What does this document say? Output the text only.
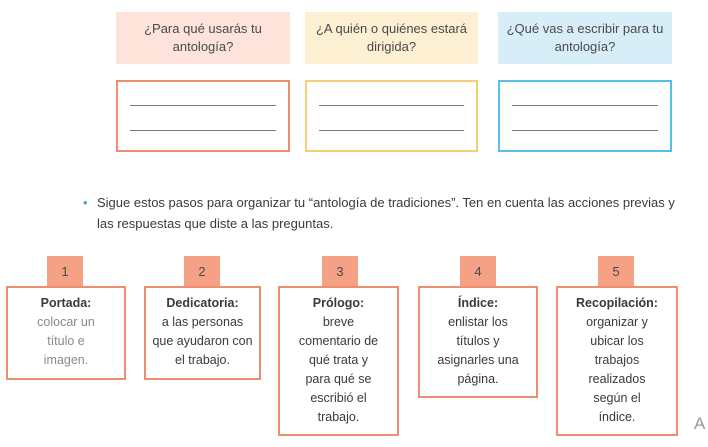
¿Para qué usarás tu antología?
¿A quién o quiénes estará dirigida?
¿Qué vas a escribir para tu antología?
• Sigue estos pasos para organizar tu “antología de tradiciones”. Ten en cuenta las acciones previas y las respuestas que diste a las preguntas.
1
Portada:
colocar un título e imagen.
2
Dedicatoria:
a las personas que ayudaron con el trabajo.
3
Prólogo:
breve comentario de qué trata y para qué se escribió el trabajo.
4
Índice:
enlistar los títulos y asignarles una página.
5
Recopilación:
organizar y ubicar los trabajos realizados según el índice.	A
